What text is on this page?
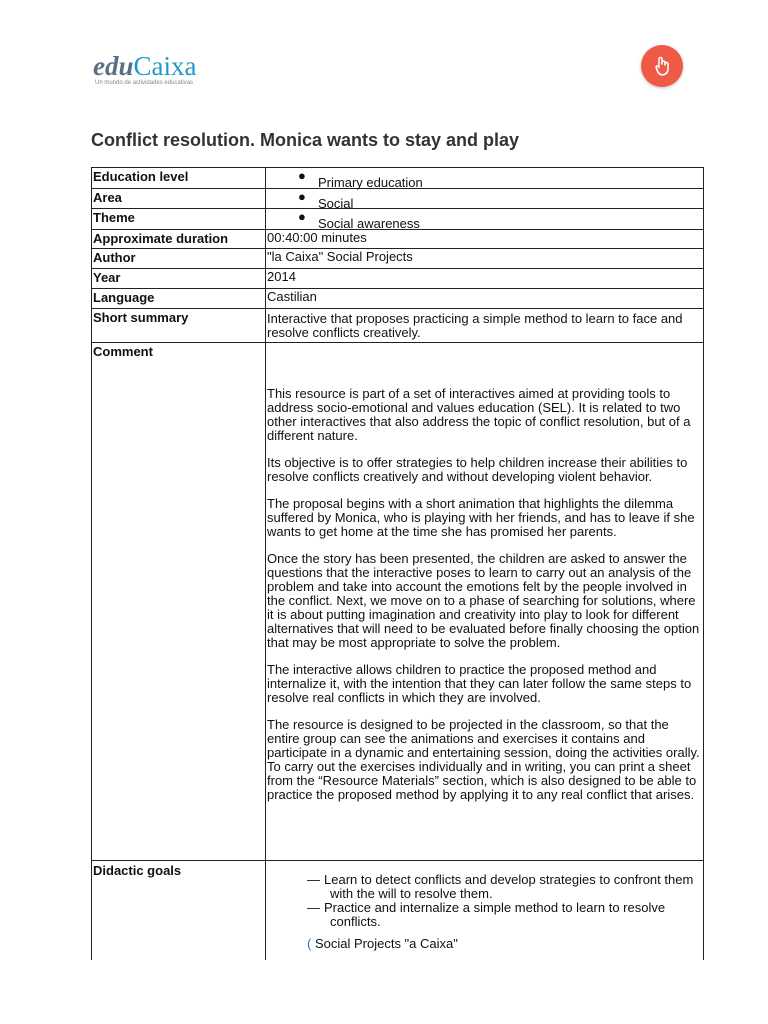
eduCaixa
Un mundo de actividades educativas
Conflict resolution. Monica wants to stay and play
Education level	● Primary education
Area	● Social
Theme	● Social awareness
Approximate duration	00:40:00 minutes
Author	"la Caixa" Social Projects
Year	2014
Language	Castilian
Short summary	Interactive that proposes practicing a simple method to learn to face and resolve conflicts creatively.
Comment

This resource is part of a set of interactives aimed at providing tools to address socio-emotional and values education (SEL). It is related to two other interactives that also address the topic of conflict resolution, but of a different nature.

Its objective is to offer strategies to help children increase their abilities to resolve conflicts creatively and without developing violent behavior.

The proposal begins with a short animation that highlights the dilemma suffered by Monica, who is playing with her friends, and has to leave if she wants to get home at the time she has promised her parents.

Once the story has been presented, the children are asked to answer the questions that the interactive poses to learn to carry out an analysis of the problem and take into account the emotions felt by the people involved in the conflict. Next, we move on to a phase of searching for solutions, where it is about putting imagination and creativity into play to look for different alternatives that will need to be evaluated before finally choosing the option that may be most appropriate to solve the problem.

The interactive allows children to practice the proposed method and internalize it, with the intention that they can later follow the same steps to resolve real conflicts in which they are involved.

The resource is designed to be projected in the classroom, so that the entire group can see the animations and exercises it contains and participate in a dynamic and entertaining session, doing the activities orally. To carry out the exercises individually and in writing, you can print a sheet from the “Resource Materials” section, which is also designed to be able to practice the proposed method by applying it to any real conflict that arises.

Didactic goals
— Learn to detect conflicts and develop strategies to confront them
with the will to resolve them.
— Practice and internalize a simple method to learn to resolve
conflicts.
( Social Projects "a Caixa"
